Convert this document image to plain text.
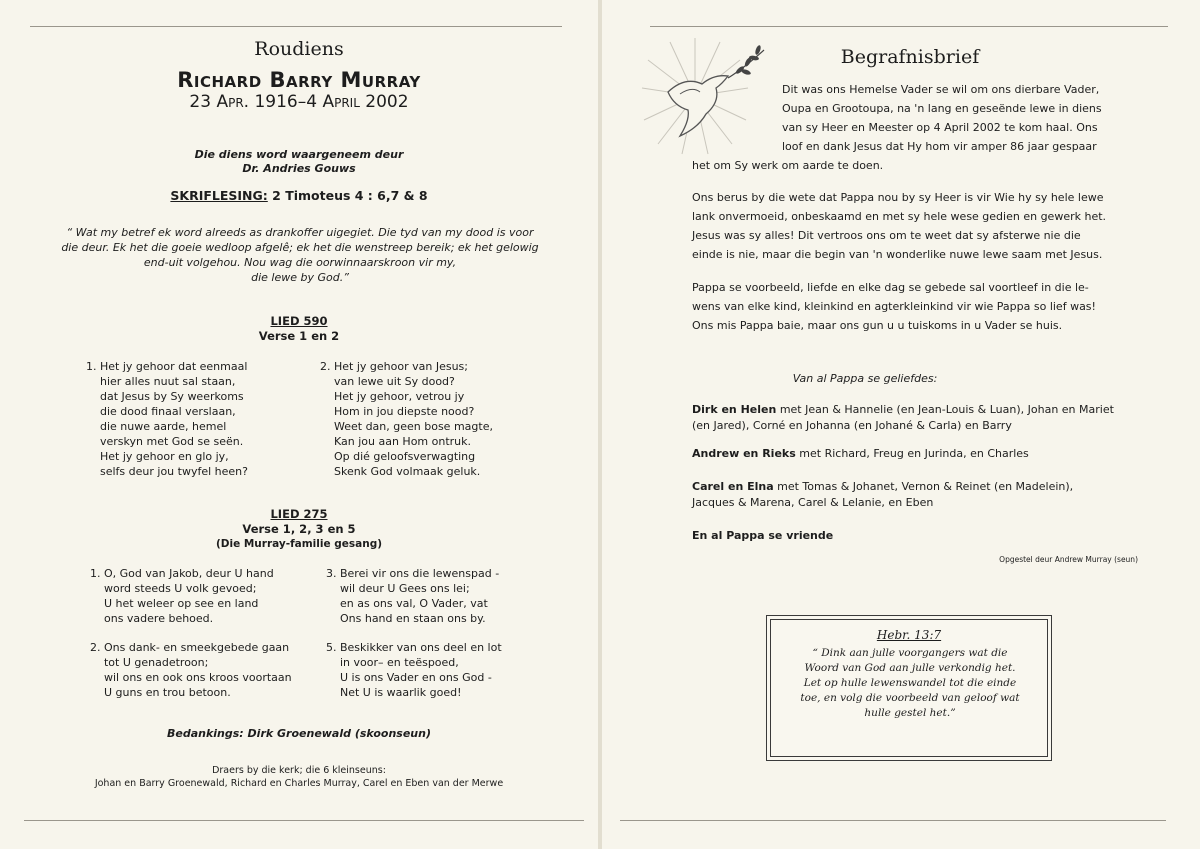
Roudiens
Richard Barry Murray
23 Apr. 1916–4 April 2002
Die diens word waargeneem deur
Dr. Andries Gouws
SKRIFLESING: 2 Timoteus 4 : 6,7 & 8
“ Wat my betref ek word alreeds as drankoffer uigegiet. Die tyd van my dood is voor
die deur. Ek het die goeie wedloop afgelê; ek het die wenstreep bereik; ek het gelowig
end-uit volgehou. Nou wag die oorwinnaarskroon vir my,
die lewe by God.”
LIED 590
Verse 1 en 2
1. Het jy gehoor dat eenmaal
hier alles nuut sal staan,
dat Jesus by Sy weerkoms
die dood finaal verslaan,
die nuwe aarde, hemel
verskyn met God se seën.
Het jy gehoor en glo jy,
selfs deur jou twyfel heen?
2. Het jy gehoor van Jesus;
van lewe uit Sy dood?
Het jy gehoor, vetrou jy
Hom in jou diepste nood?
Weet dan, geen bose magte,
Kan jou aan Hom ontruk.
Op dié geloofsverwagting
Skenk God volmaak geluk.
LIED 275
Verse 1, 2, 3 en 5
(Die Murray-familie gesang)
1. O, God van Jakob, deur U hand
word steeds U volk gevoed;
U het weleer op see en land
ons vadere behoed.
3. Berei vir ons die lewenspad -
wil deur U Gees ons lei;
en as ons val, O Vader, vat
Ons hand en staan ons by.
2. Ons dank- en smeekgebede gaan
tot U genadetroon;
wil ons en ook ons kroos voortaan
U guns en trou betoon.
5. Beskikker van ons deel en lot
in voor– en teëspoed,
U is ons Vader en ons God -
Net U is waarlik goed!
Bedankings: Dirk Groenewald (skoonseun)
Draers by die kerk; die 6 kleinseuns:
Johan en Barry Groenewald, Richard en Charles Murray, Carel en Eben van der Merwe
Begrafnisbrief
Dit was ons Hemelse Vader se wil om ons dierbare Vader,
Oupa en Grootoupa, na 'n lang en geseënde lewe in diens
van sy Heer en Meester op 4 April 2002 te kom haal. Ons
loof en dank Jesus dat Hy hom vir amper 86 jaar gespaar
het om Sy werk om aarde te doen.
Ons berus by die wete dat Pappa nou by sy Heer is vir Wie hy sy hele lewe
lank onvermoeid, onbeskaamd en met sy hele wese gedien en gewerk het.
Jesus was sy alles! Dit vertroos ons om te weet dat sy afsterwe nie die
einde is nie, maar die begin van 'n wonderlike nuwe lewe saam met Jesus.
Pappa se voorbeeld, liefde en elke dag se gebede sal voortleef in die le-
wens van elke kind, kleinkind en agterkleinkind vir wie Pappa so lief was!
Ons mis Pappa baie, maar ons gun u u tuiskoms in u Vader se huis.
Van al Pappa se geliefdes:
Dirk en Helen met Jean & Hannelie (en Jean-Louis & Luan), Johan en Mariet
(en Jared), Corné en Johanna (en Johané & Carla) en Barry
Andrew en Rieks met Richard, Freug en Jurinda, en Charles
Carel en Elna met Tomas & Johanet, Vernon & Reinet (en Madelein),
Jacques & Marena, Carel & Lelanie, en Eben
En al Pappa se vriende
Opgestel deur Andrew Murray (seun)
Hebr. 13:7
“ Dink aan julle voorgangers wat die
Woord van God aan julle verkondig het.
Let op hulle lewenswandel tot die einde
toe, en volg die voorbeeld van geloof wat
hulle gestel het.”
